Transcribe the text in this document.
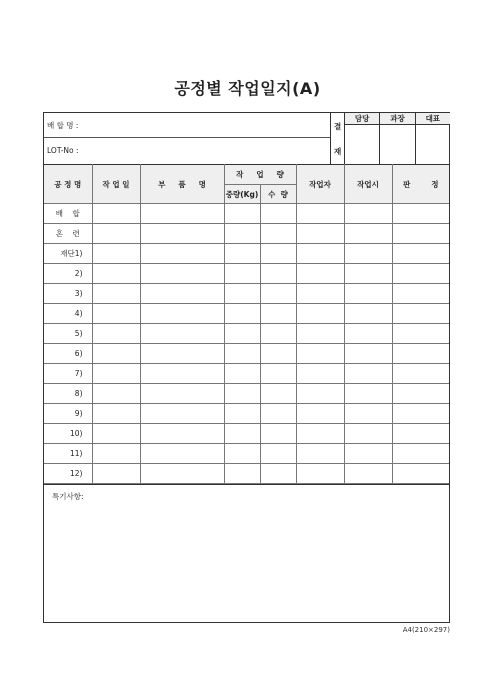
공정별 작업일지(A)
배 합 명 :
LOT-No :
결
재
담당	과장	대표
공 정 명	작 업 일	부     품     명	작     업     량		작업자	작업시	판        정
			중량(Kg)	수  량			
배    합							
혼    련							
재단1)							
2)							
3)							
4)							
5)							
6)							
7)							
8)							
9)							
10)							
11)							
12)							
특기사항:
A4(210×297)
